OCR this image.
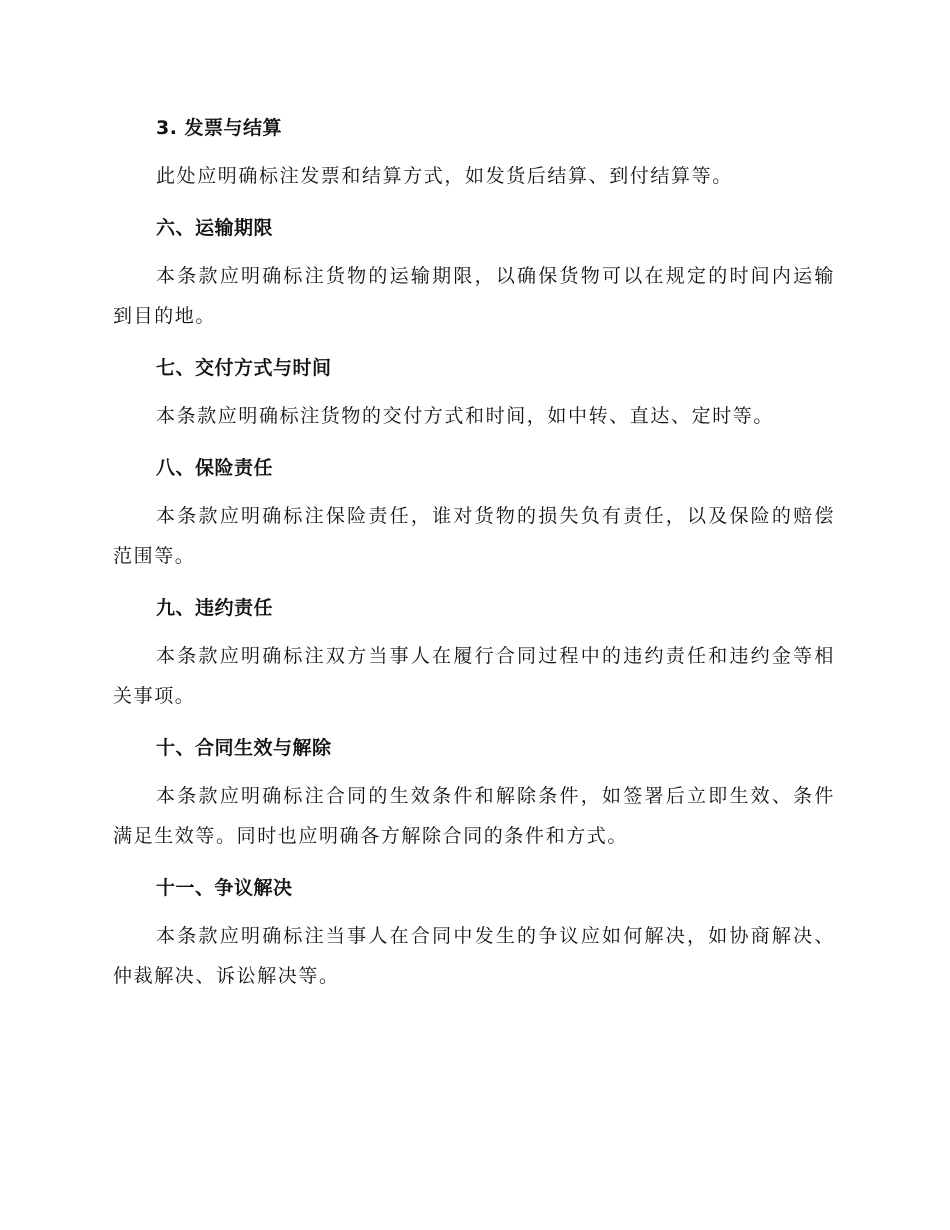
3. 发票与结算

此处应明确标注发票和结算方式，如发货后结算、到付结算等。

六、运输期限

本条款应明确标注货物的运输期限，以确保货物可以在规定的时间内运输到目的地。

七、交付方式与时间

本条款应明确标注货物的交付方式和时间，如中转、直达、定时等。

八、保险责任

本条款应明确标注保险责任，谁对货物的损失负有责任，以及保险的赔偿范围等。

九、违约责任

本条款应明确标注双方当事人在履行合同过程中的违约责任和违约金等相关事项。

十、合同生效与解除

本条款应明确标注合同的生效条件和解除条件，如签署后立即生效、条件满足生效等。同时也应明确各方解除合同的条件和方式。

十一、争议解决

本条款应明确标注当事人在合同中发生的争议应如何解决，如协商解决、仲裁解决、诉讼解决等。
